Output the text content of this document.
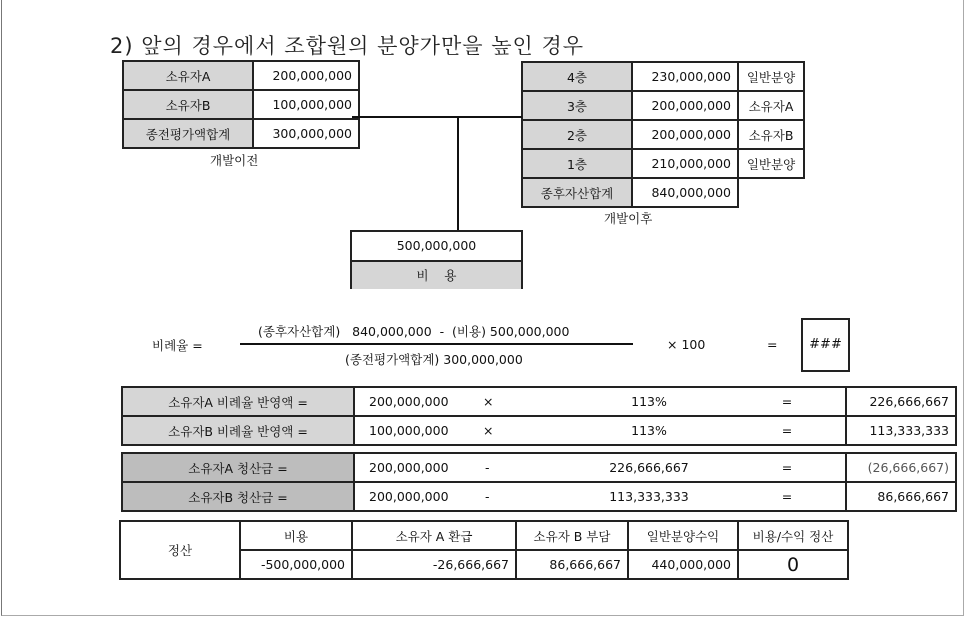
2) 앞의 경우에서 조합원의 분양가만을 높인 경우
소유자A	200,000,000
소유자B	100,000,000
종전평가액합계	300,000,000
개발이전
4층	230,000,000	일반분양
3층	200,000,000	소유자A
2층	200,000,000	소유자B
1층	210,000,000	일반분양
종후자산합계	840,000,000	
개발이후
500,000,000
비    용
비례율 =
(종후자산합계)   840,000,000  -  (비용) 500,000,000
(종전평가액합계) 300,000,000
× 100	=	###
소유자A 비례율 반영액 =	200,000,000 ×	113%	=	226,666,667
소유자B 비례율 반영액 =	100,000,000 ×	113%	=	113,333,333
소유자A 청산금 =	200,000,000 -	226,666,667	=	(26,666,667)
소유자B 청산금 =	200,000,000 -	113,333,333	=	86,666,667
정산	비용	소유자 A 환급	소유자 B 부담	일반분양수익	비용/수익 정산
	-500,000,000	-26,666,667	86,666,667	440,000,000	0
